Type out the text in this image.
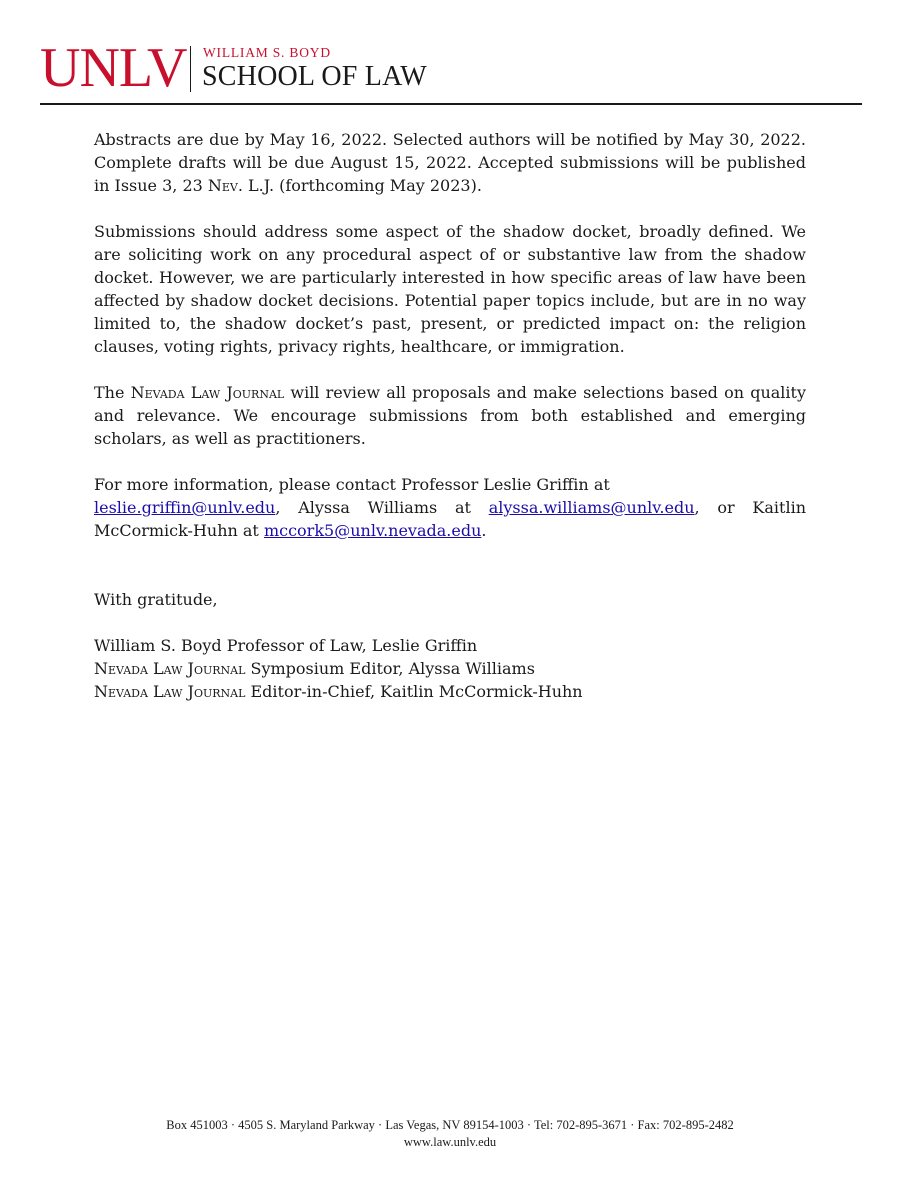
UNLV WILLIAM S. BOYD
SCHOOL OF LAW

Abstracts are due by May 16, 2022. Selected authors will be notified by May 30, 2022. Complete drafts will be due August 15, 2022. Accepted submissions will be published in Issue 3, 23 Nev. L.J. (forthcoming May 2023).

Submissions should address some aspect of the shadow docket, broadly defined. We are soliciting work on any procedural aspect of or substantive law from the shadow docket. However, we are particularly interested in how specific areas of law have been affected by shadow docket decisions. Potential paper topics include, but are in no way limited to, the shadow docket’s past, present, or predicted impact on: the religion clauses, voting rights, privacy rights, healthcare, or immigration.

The Nevada Law Journal will review all proposals and make selections based on quality and relevance. We encourage submissions from both established and emerging scholars, as well as practitioners.

For more information, please contact Professor Leslie Griffin at
leslie.griffin@unlv.edu, Alyssa Williams at alyssa.williams@unlv.edu, or Kaitlin McCormick-Huhn at mccork5@unlv.nevada.edu.

With gratitude,

William S. Boyd Professor of Law, Leslie Griffin

Nevada Law Journal Symposium Editor, Alyssa Williams

Nevada Law Journal Editor-in-Chief, Kaitlin McCormick-Huhn

Box 451003 · 4505 S. Maryland Parkway · Las Vegas, NV 89154-1003 · Tel: 702-895-3671 · Fax: 702-895-2482
www.law.unlv.edu
